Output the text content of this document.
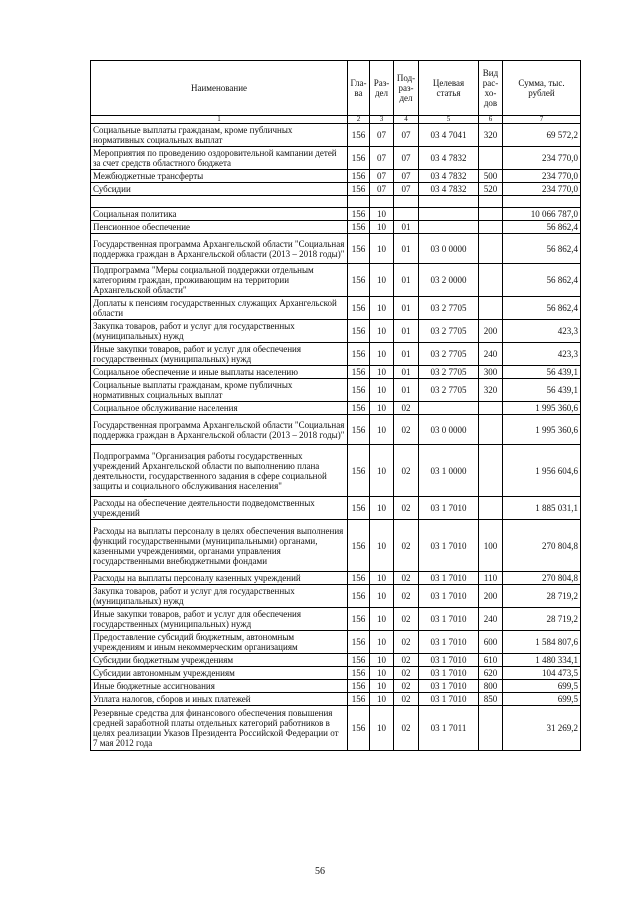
Наименование	Гла-ва	Раз-дел	Под-раз-дел	Целевая статья	Вид рас-хо-дов	Сумма, тыс. рублей
1	2	3	4	5	6	7
Социальные выплаты гражданам, кроме публичных нормативных социальных выплат	156	07	07	03 4 7041	320	69 572,2
Мероприятия по проведению оздоровительной кампании детей за счет средств областного бюджета	156	07	07	03 4 7832		234 770,0
Межбюджетные трансферты	156	07	07	03 4 7832	500	234 770,0
Субсидии	156	07	07	03 4 7832	520	234 770,0

Социальная политика	156	10				10 066 787,0
Пенсионное обеспечение	156	10	01			56 862,4
Государственная программа Архангельской области "Социальная поддержка граждан в Архангельской области (2013 – 2018 годы)"	156	10	01	03 0 0000		56 862,4
Подпрограмма "Меры социальной поддержки отдельным категориям граждан, проживающим на территории Архангельской области"	156	10	01	03 2 0000		56 862,4
Доплаты к пенсиям государственных служащих Архангельской области	156	10	01	03 2 7705		56 862,4
Закупка товаров, работ и услуг для государственных (муниципальных) нужд	156	10	01	03 2 7705	200	423,3
Иные закупки товаров, работ и услуг для обеспечения государственных (муниципальных) нужд	156	10	01	03 2 7705	240	423,3
Социальное обеспечение и иные выплаты населению	156	10	01	03 2 7705	300	56 439,1
Социальные выплаты гражданам, кроме публичных нормативных социальных выплат	156	10	01	03 2 7705	320	56 439,1
Социальное обслуживание населения	156	10	02			1 995 360,6
Государственная программа Архангельской области "Социальная поддержка граждан в Архангельской области (2013 – 2018 годы)"	156	10	02	03 0 0000		1 995 360,6
Подпрограмма "Организация работы государственных учреждений Архангельской области по выполнению плана деятельности, государственного задания в сфере социальной защиты и социального обслуживания населения"	156	10	02	03 1 0000		1 956 604,6
Расходы на обеспечение деятельности подведомственных учреждений	156	10	02	03 1 7010		1 885 031,1
Расходы на выплаты персоналу в целях обеспечения выполнения функций государственными (муниципальными) органами, казенными учреждениями, органами управления государственными внебюджетными фондами	156	10	02	03 1 7010	100	270 804,8
Расходы на выплаты персоналу казенных учреждений	156	10	02	03 1 7010	110	270 804,8
Закупка товаров, работ и услуг для государственных (муниципальных) нужд	156	10	02	03 1 7010	200	28 719,2
Иные закупки товаров, работ и услуг для обеспечения государственных (муниципальных) нужд	156	10	02	03 1 7010	240	28 719,2
Предоставление субсидий бюджетным, автономным учреждениям и иным некоммерческим организациям	156	10	02	03 1 7010	600	1 584 807,6
Субсидии бюджетным учреждениям	156	10	02	03 1 7010	610	1 480 334,1
Субсидии автономным учреждениям	156	10	02	03 1 7010	620	104 473,5
Иные бюджетные ассигнования	156	10	02	03 1 7010	800	699,5
Уплата налогов, сборов и иных платежей	156	10	02	03 1 7010	850	699,5
Резервные средства для финансового обеспечения повышения средней заработной платы отдельных категорий работников в целях реализации Указов Президента Российской Федерации от 7 мая 2012 года	156	10	02	03 1 7011		31 269,2
56
